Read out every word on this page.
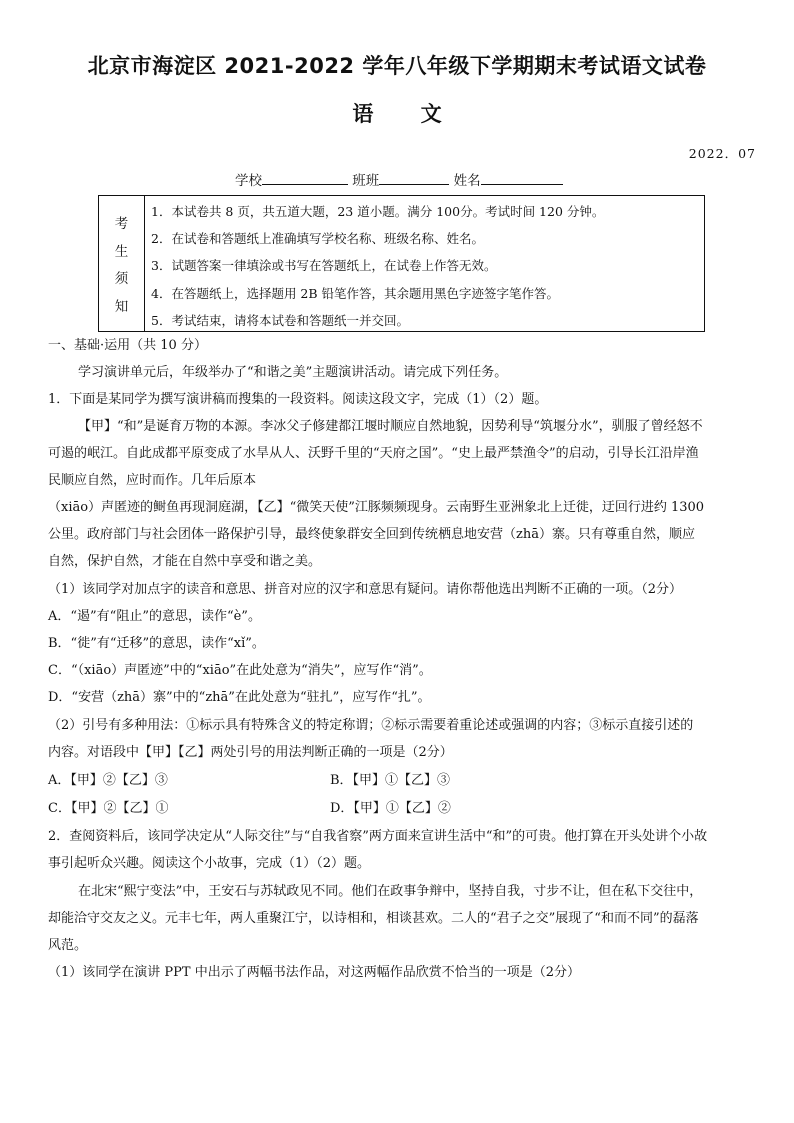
北京市海淀区 2021-2022 学年八年级下学期期末考试语文试卷
语 文
2022．07
学校	班班	姓名
考
生
须
知
1．本试卷共 8 页，共五道大题，23 道小题。满分 100分。考试时间 120 分钟。
2．在试卷和答题纸上准确填写学校名称、班级名称、姓名。
3．试题答案一律填涂或书写在答题纸上，在试卷上作答无效。
4．在答题纸上，选择题用 2B 铅笔作答，其余题用黑色字迹签字笔作答。
5．考试结束，请将本试卷和答题纸一并交回。
一、基础·运用（共 10 分）
学习演讲单元后，年级举办了“和谐之美”主题演讲活动。请完成下列任务。
1．下面是某同学为撰写演讲稿而搜集的一段资料。阅读这段文字，完成（1）（2）题。
【甲】“和”是诞育万物的本源。李冰父子修建都江堰时顺应自然地貌，因势利导“筑堰分水”，驯服了曾经怒不
可遏的岷江。自此成都平原变成了水旱从人、沃野千里的“天府之国”。“史上最严禁渔令”的启动，引导长江沿岸渔
民顺应自然，应时而作。几年后原本
（xiāo）声匿迹的鲥鱼再现洞庭湖，【乙】“微笑天使”江豚频频现身。云南野生亚洲象北上迁徙，迂回行进约 1300
公里。政府部门与社会团体一路保护引导，最终使象群安全回到传统栖息地安营（zhā）寨。只有尊重自然，顺应
自然，保护自然，才能在自然中享受和谐之美。
（1）该同学对加点字的读音和意思、拼音对应的汉字和意思有疑问。请你帮他选出判断不正确的一项。（2分）
A．“遏”有“阻止”的意思，读作“è”。
B．“徙”有“迁移”的意思，读作“xǐ”。
C．“（xiāo）声匿迹”中的“xiāo”在此处意为“消失”，应写作“消”。
D．“安营（zhā）寨”中的“zhā”在此处意为“驻扎”，应写作“扎”。
（2）引号有多种用法：①标示具有特殊含义的特定称谓；②标示需要着重论述或强调的内容；③标示直接引述的
内容。对语段中【甲】【乙】两处引号的用法判断正确的一项是（2分）
A．【甲】②【乙】③	B．【甲】①【乙】③
C．【甲】②【乙】①	D．【甲】①【乙】②
2．查阅资料后，该同学决定从“人际交往”与“自我省察”两方面来宣讲生活中“和”的可贵。他打算在开头处讲个小故
事引起听众兴趣。阅读这个小故事，完成（1）（2）题。
在北宋“熙宁变法”中，王安石与苏轼政见不同。他们在政事争辩中，坚持自我，寸步不让，但在私下交往中，
却能洽守交友之义。元丰七年，两人重聚江宁，以诗相和，相谈甚欢。二人的“君子之交”展现了“和而不同”的磊落
风范。
（1）该同学在演讲 PPT 中出示了两幅书法作品，对这两幅作品欣赏不恰当的一项是（2分）
